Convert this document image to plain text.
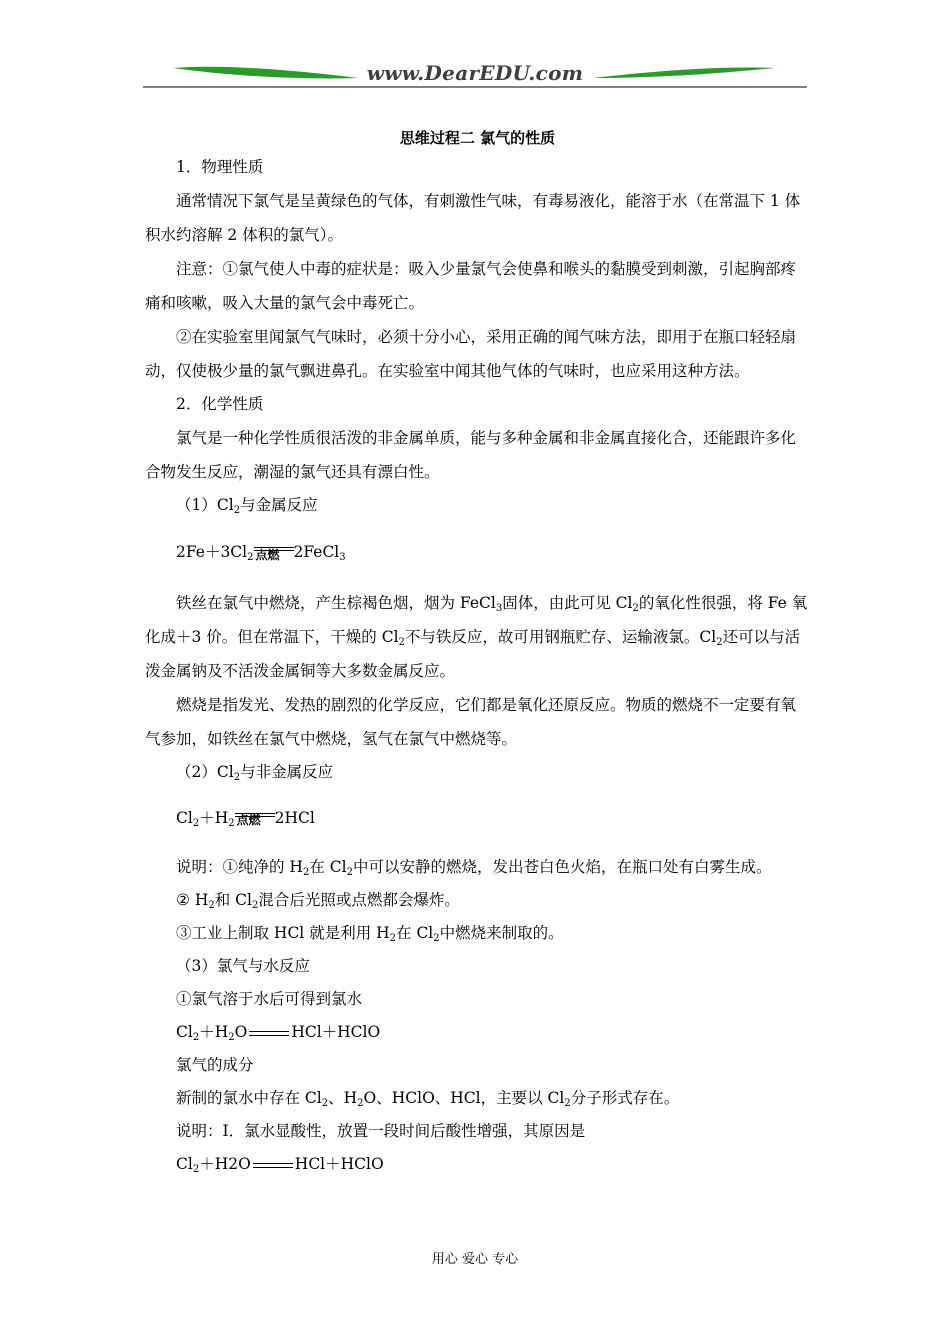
www.DearEDU.com
思维过程二 氯气的性质
1．物理性质

通常情况下氯气是呈黄绿色的气体，有刺激性气味，有毒易液化，能溶于水（在常温下 1 体积水约溶解 2 体积的氯气）。

注意：①氯气使人中毒的症状是：吸入少量氯气会使鼻和喉头的黏膜受到刺激，引起胸部疼痛和咳嗽，吸入大量的氯气会中毒死亡。

②在实验室里闻氯气气味时，必须十分小心，采用正确的闻气味方法，即用于在瓶口轻轻扇动，仅使极少量的氯气飘进鼻孔。在实验室中闻其他气体的气味时，也应采用这种方法。

2．化学性质

氯气是一种化学性质很活泼的非金属单质，能与多种金属和非金属直接化合，还能跟许多化合物发生反应，潮湿的氯气还具有漂白性。

$(1)Cl_2$与金属反应
$2Fe+3Cl_2$ 点燃 2FeCl$_3$

铁丝在氯气中燃烧，产生棕褐色烟，烟为 FeCl$_3$固体，由此可见 $Cl_2$的氧化性很强，将 Fe 氧化成＋3 价。但在常温下，干燥的 $Cl_2$不与铁反应，故可用钢瓶贮存、运输液氯。$Cl_2$还可以与活泼金属钠及不活泼金属铜等大多数金属反应。

燃烧是指发光、发热的剧烈的化学反应，它们都是氧化还原反应。物质的燃烧不一定要有氧气参加，如铁丝在氯气中燃烧，氢气在氯气中燃烧等。

$(2)Cl_2$与非金属反应
$Cl_2+H_2$ 点燃 2HCl
说明：①纯净的 $H_2$在 $Cl_2$中可以安静的燃烧，发出苍白色火焰，在瓶口处有白雾生成。
② $H_2$和 $Cl_2$混合后光照或点燃都会爆炸。
③工业上制取 HCl 就是利用 $H_2$在 $Cl_2$中燃烧来制取的。
（3）氯气与水反应
①氯气溶于水后可得到氯水
$Cl_2+H_2O$	HCl＋HClO
氯气的成分
新制的氯水中存在 $Cl_2$、$H_2O$、HClO、HCl，主要以 $Cl_2$分子形式存在。
说明：Ⅰ．氯水显酸性，放置一段时间后酸性增强，其原因是
$Cl_2+H2O$	HCl＋HClO
用心 爱心 专心
